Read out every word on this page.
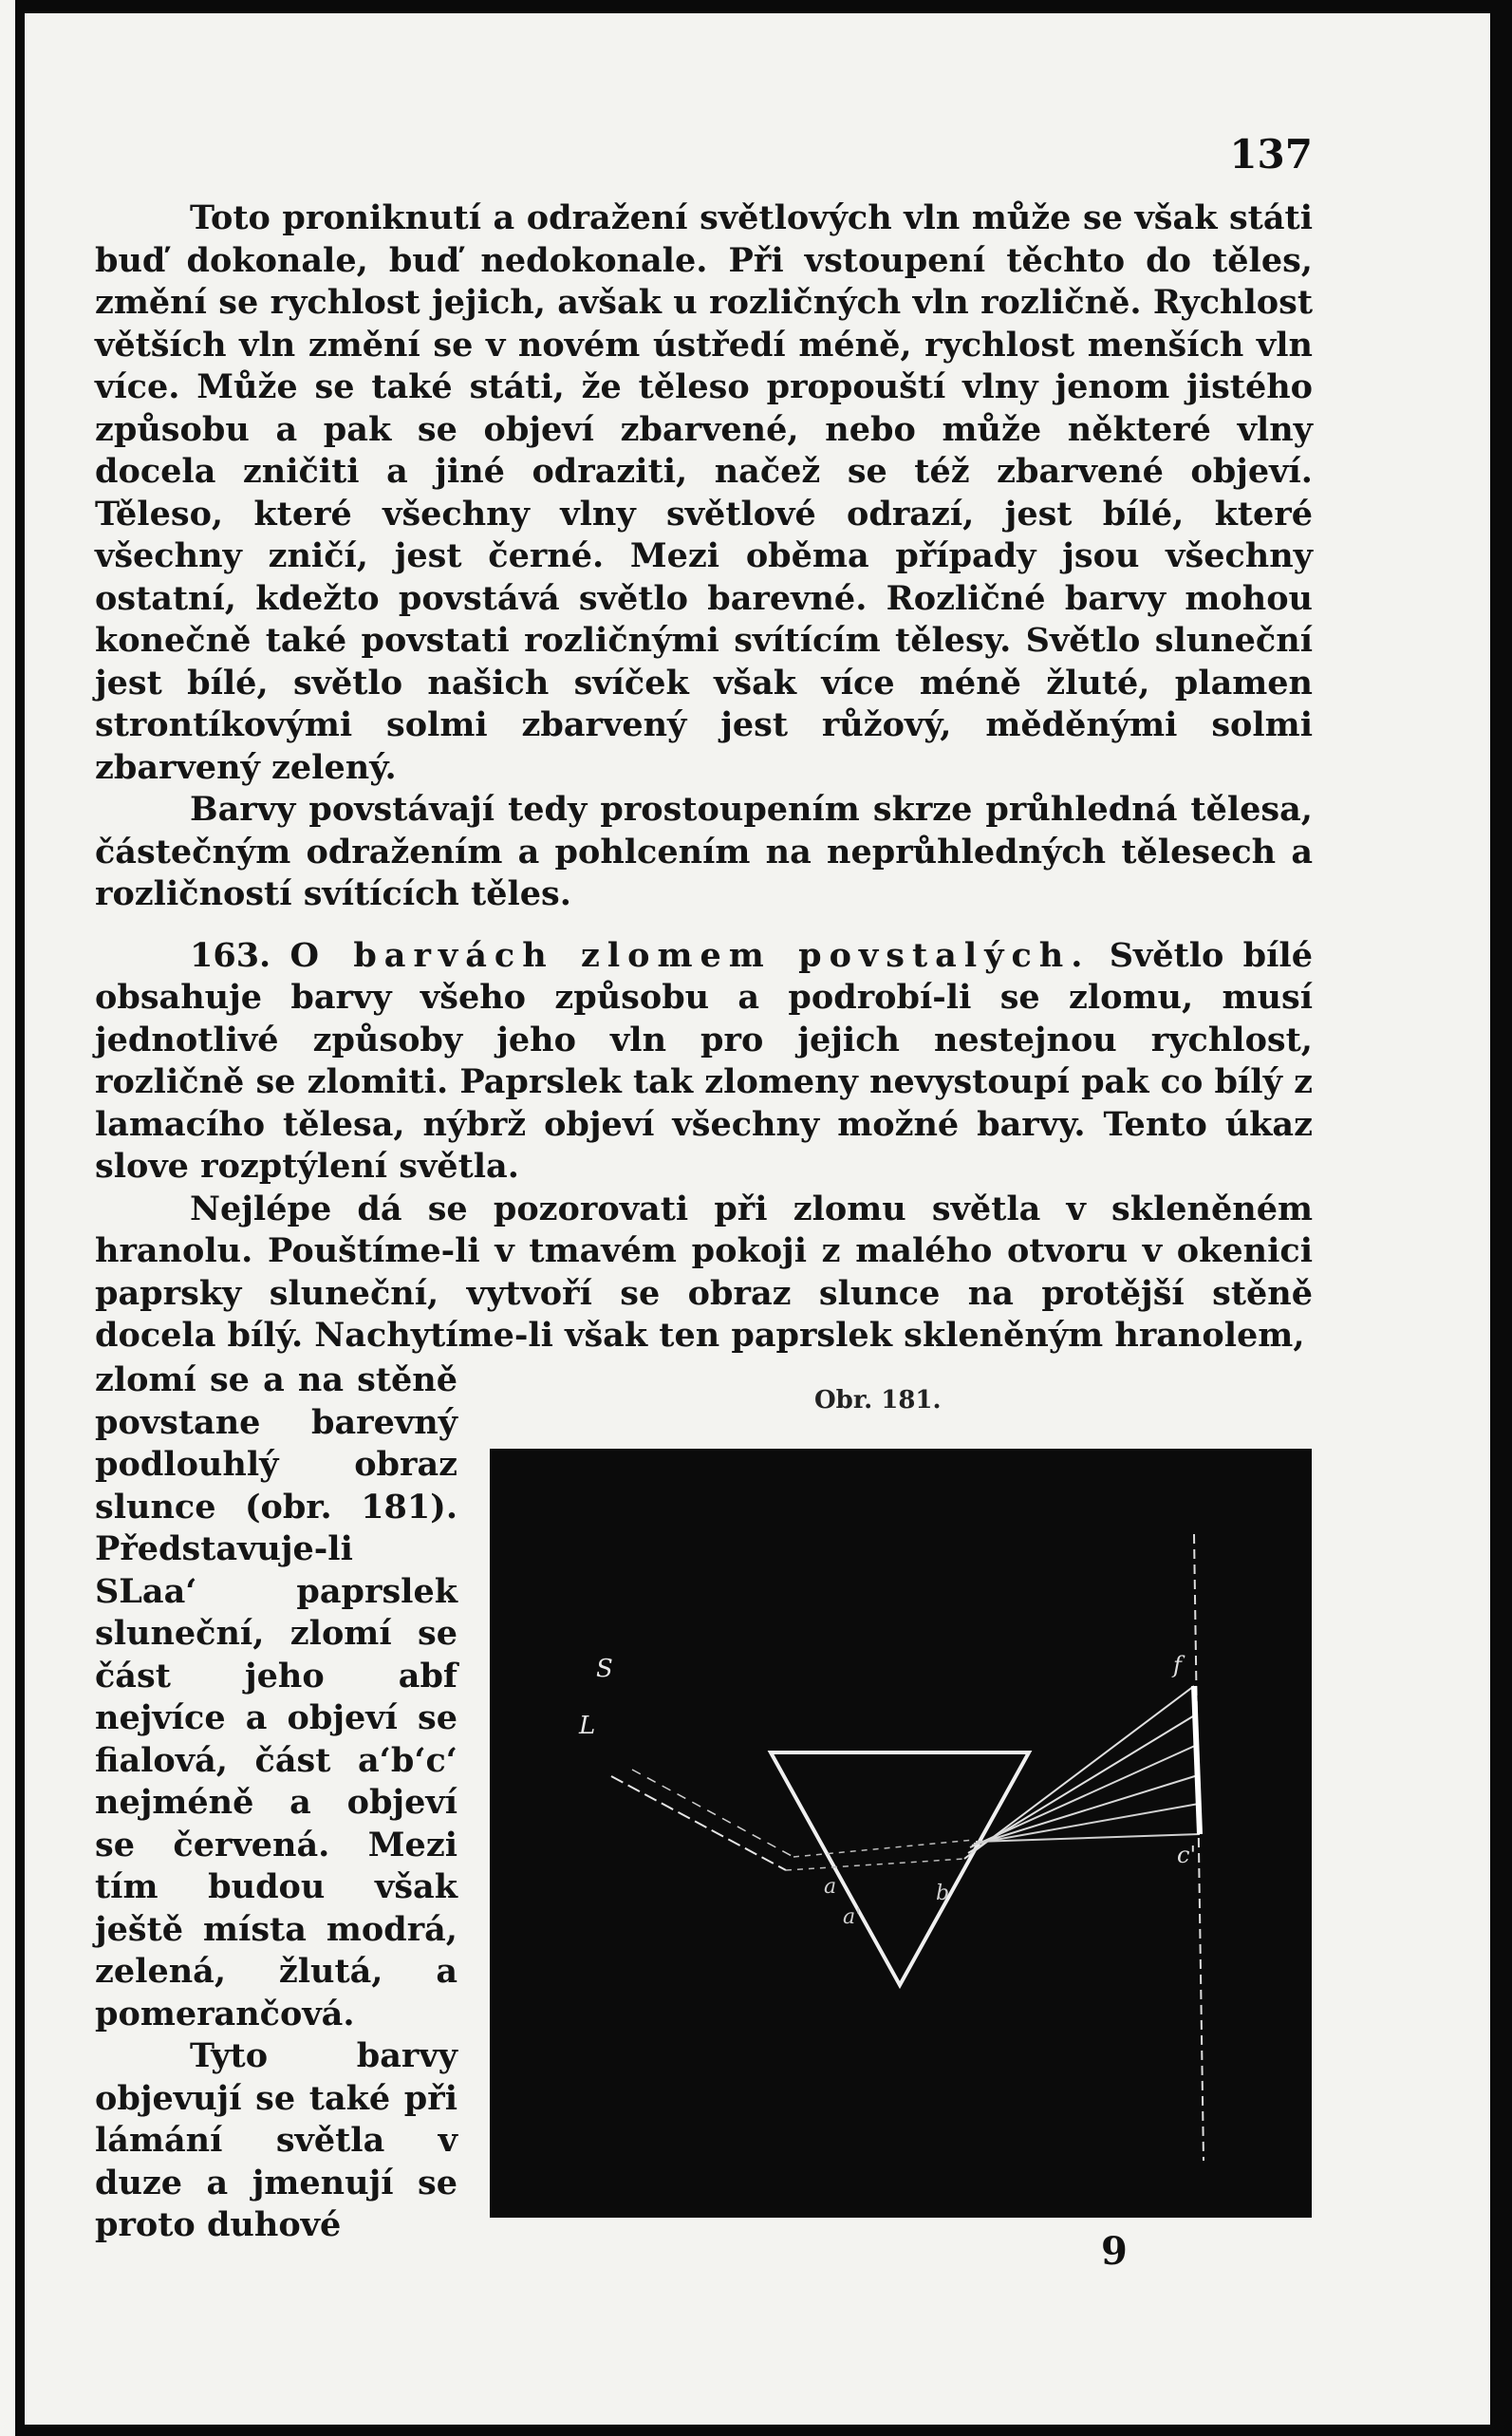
137

Toto proniknutí a odražení světlových vln může se však státi buď dokonale, buď nedokonale. Při vstoupení těchto do těles, změní se rychlost jejich, avšak u rozličných vln rozličně. Rychlost větších vln změní se v novém ústředí méně, rychlost menších vln více. Může se také státi, že těleso propouští vlny jenom jistého způsobu a pak se objeví zbarvené, nebo může některé vlny docela zničiti a jiné odraziti, načež se též zbarvené objeví. Těleso, které všechny vlny světlové odrazí, jest bílé, které všechny zničí, jest černé. Mezi oběma případy jsou všechny ostatní, kdežto povstává světlo barevné. Rozličné barvy mohou konečně také povstati rozličnými svítícím tělesy. Světlo sluneční jest bílé, světlo našich svíček však více méně žluté, plamen strontíkovými solmi zbarvený jest růžový, měděnými solmi zbarvený zelený.

Barvy povstávají tedy prostoupením skrze průhledná tělesa, částečným odražením a pohlcením na neprůhledných tělesech a rozličností svítících těles.

163. O barvách zlomem povstalých. Světlo bílé obsahuje barvy všeho způsobu a podrobí-li se zlomu, musí jednotlivé způsoby jeho vln pro jejich nestejnou rychlost, rozličně se zlomiti. Paprslek tak zlomeny nevystoupí pak co bílý z lamacího tělesa, nýbrž objeví všechny možné barvy. Tento úkaz slove rozptýlení světla.

Nejlépe dá se pozorovati při zlomu světla v skleněném hranolu. Pouštíme-li v tmavém pokoji z malého otvoru v okenici paprsky sluneční, vytvoří se obraz slunce na protější stěně docela bílý. Nachytíme-li však ten paprslek skleněným hranolem,

zlomí se a na stěně povstane barevný podlouhlý obraz slunce (obr. 181). Představuje-li SLaa‘ paprslek sluneční, zlomí se část jeho abf nejvíce a objeví se fialová, část a‘b‘c‘ nejméně a objeví se červená. Mezi tím budou však ještě místa modrá, zelená, žlutá, a pomerančová.

Tyto barvy objevují se také při lámání světla v duze a jmenují se proto duhové

Obr. 181.
S
L
a
a'
b
f
c'
9
